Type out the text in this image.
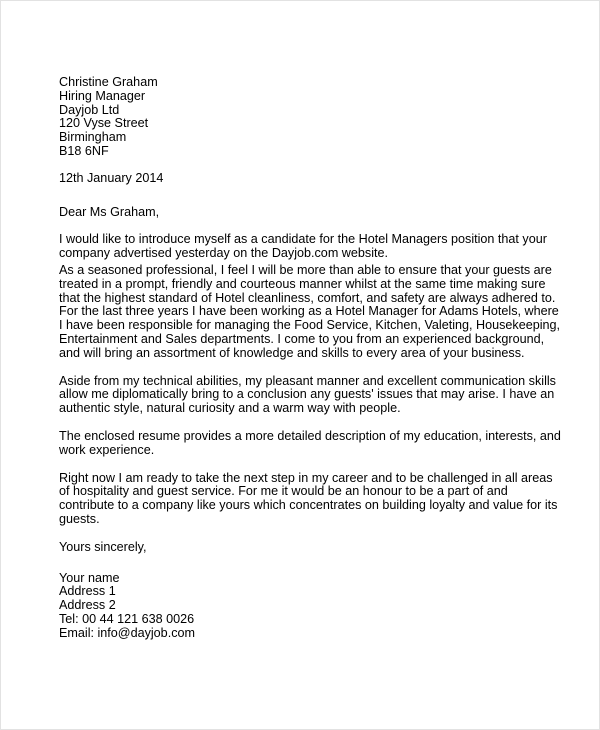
Christine Graham
Hiring Manager
Dayjob Ltd
120 Vyse Street
Birmingham
B18 6NF
12th January 2014
Dear Ms Graham,
I would like to introduce myself as a candidate for the Hotel Managers position that your
company advertised yesterday on the Dayjob.com website.
As a seasoned professional, I feel I will be more than able to ensure that your guests are
treated in a prompt, friendly and courteous manner whilst at the same time making sure
that the highest standard of Hotel cleanliness, comfort, and safety are always adhered to.
For the last three years I have been working as a Hotel Manager for Adams Hotels, where
I have been responsible for managing the Food Service, Kitchen, Valeting, Housekeeping,
Entertainment and Sales departments. I come to you from an experienced background,
and will bring an assortment of knowledge and skills to every area of your business.
Aside from my technical abilities, my pleasant manner and excellent communication skills
allow me diplomatically bring to a conclusion any guests' issues that may arise. I have an
authentic style, natural curiosity and a warm way with people.
The enclosed resume provides a more detailed description of my education, interests, and
work experience.
Right now I am ready to take the next step in my career and to be challenged in all areas
of hospitality and guest service. For me it would be an honour to be a part of and
contribute to a company like yours which concentrates on building loyalty and value for its
guests.
Yours sincerely,
Your name
Address 1
Address 2
Tel: 00 44 121 638 0026
Email: info@dayjob.com
